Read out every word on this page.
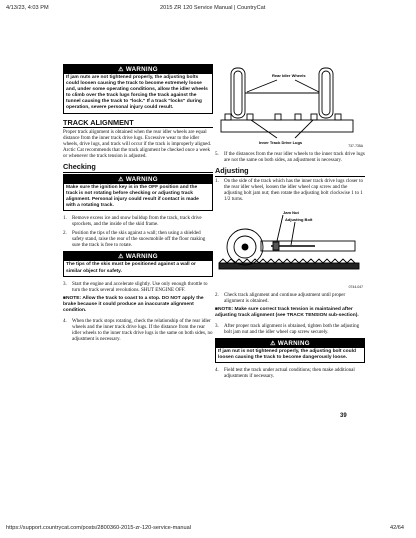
4/13/23, 4:03 PM	2015 ZR 120 Service Manual | CountryCat
⚠ WARNING
If jam nuts are not tightened properly, the adjusting bolts could loosen causing the track to become extremely loose and, under some operating conditions, allow the idler wheels to climb over the track lugs forcing the track against the tunnel causing the track to "lock." If a track "locks" during operation, severe personal injury could result.
TRACK ALIGNMENT

Proper track alignment is obtained when the rear idler wheels are equal distance from the inner track drive lugs. Excessive wear to the idler wheels, drive lugs, and track will occur if the track is improperly aligned. Arctic Cat recommends that the track alignment be checked once a week or whenever the track tension is adjusted.

Checking
⚠ WARNING
Make sure the ignition key is in the OFF position and the track is not rotating before checking or adjusting track alignment. Personal injury could result if contact is made with a rotating track.
1.	Remove excess ice and snow buildup from the track, track drive sprockets, and the inside of the skid frame.
2.	Position the tips of the skis against a wall; then using a shielded safety stand, raise the rear of the snowmobile off the floor making sure the track is free to rotate.
⚠ WARNING
The tips of the skis must be positioned against a wall or similar object for safety.
3.	Start the engine and accelerate slightly. Use only enough throttle to turn the track several revolutions. SHUT ENGINE OFF.
■NOTE: Allow the track to coast to a stop. DO NOT apply the brake because it could produce an inaccurate alignment condition.
4.	When the track stops rotating, check the relationship of the rear idler wheels and the inner track drive lugs. If the distance from the rear idler wheels to the inner track drive lugs is the same on both sides, no adjustment is necessary.
Rear Idler Wheels
Inner Track Drive Lugs
737-735A
5.	If the distances from the rear idler wheels to the inner track drive lugs are not the same on both sides, an adjustment is necessary.
Adjusting
1.	On the side of the track which has the inner track drive lugs closer to the rear idler wheel, loosen the idler wheel cap screw and the adjusting bolt jam nut; then rotate the adjusting bolt clockwise 1 to 1 1/2 turns.
Jam Nut
Adjusting Bolt
0744-047
2.	Check track alignment and continue adjustment until proper alignment is obtained.
■NOTE: Make sure correct track tension is maintained after adjusting track alignment (see TRACK TENSION sub-section).
3.	After proper track alignment is obtained, tighten both the adjusting bolt jam nut and the idler wheel cap screw securely.
⚠ WARNING
If jam nut is not tightened properly, the adjusting bolt could loosen causing the track to become dangerously loose.
4.	Field test the track under actual conditions; then make additional adjustments if necessary.
39
https://support.countrycat.com/posts/2800360-2015-zr-120-service-manual	42/64
